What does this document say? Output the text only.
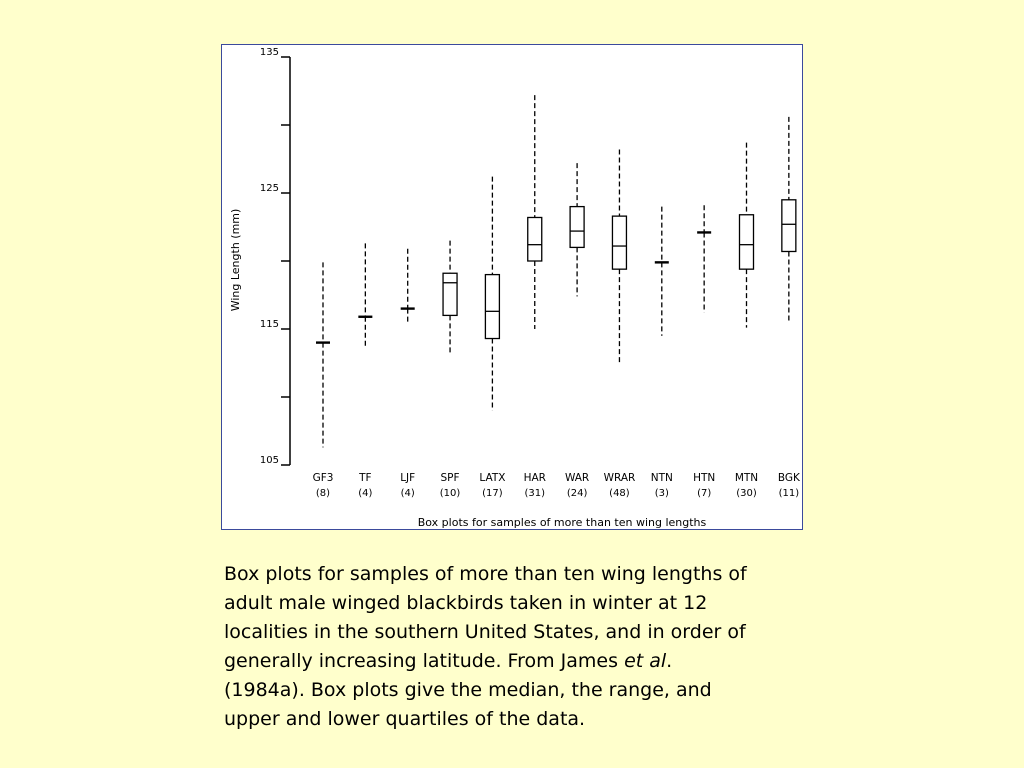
105
115
125
135
GF3
(8)
TF
(4)
LJF
(4)
SPF
(10)
LATX
(17)
HAR
(31)
WAR
(24)
WRAR
(48)
NTN
(3)
HTN
(7)
MTN
(30)
BGK
(11)
Wing Length (mm)
Box plots for samples of more than ten wing lengths
Box plots for samples of more than ten wing lengths of
adult male winged blackbirds taken in winter at 12
localities in the southern United States, and in order of
generally increasing latitude. From James et al.
(1984a). Box plots give the median, the range, and
upper and lower quartiles of the data.
